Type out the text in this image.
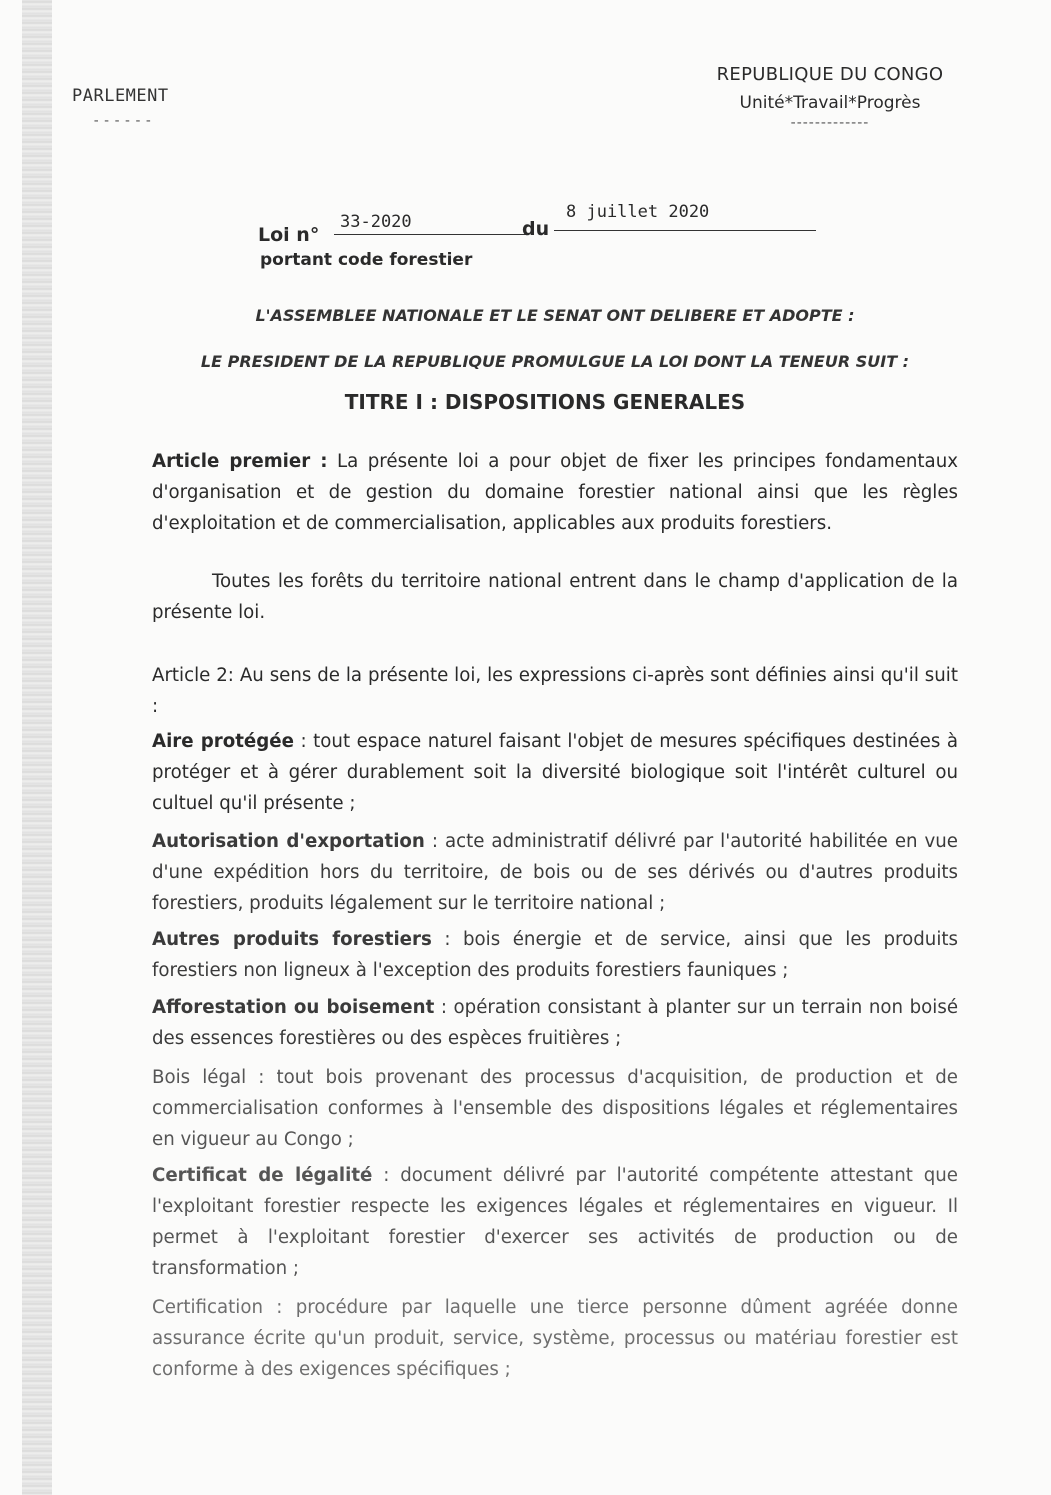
PARLEMENT
------
REPUBLIQUE DU CONGO
Unité*Travail*Progrès
-------------
Loi n°
33-2020	du
8 juillet 2020
portant code forestier
L'ASSEMBLEE NATIONALE ET LE SENAT ONT DELIBERE ET ADOPTE :
LE PRESIDENT DE LA REPUBLIQUE PROMULGUE LA LOI DONT LA TENEUR SUIT :
TITRE I : DISPOSITIONS GENERALES

Article premier : La présente loi a pour objet de fixer les principes fondamentaux d'organisation et de gestion du domaine forestier national ainsi que les règles d'exploitation et de commercialisation, applicables aux produits forestiers.

Toutes les forêts du territoire national entrent dans le champ d'application de la présente loi.

Article 2: Au sens de la présente loi, les expressions ci-après sont définies ainsi qu'il suit :

Aire protégée : tout espace naturel faisant l'objet de mesures spécifiques destinées à protéger et à gérer durablement soit la diversité biologique soit l'intérêt culturel ou cultuel qu'il présente ;

Autorisation d'exportation : acte administratif délivré par l'autorité habilitée en vue d'une expédition hors du territoire, de bois ou de ses dérivés ou d'autres produits forestiers, produits légalement sur le territoire national ;

Autres produits forestiers : bois énergie et de service, ainsi que les produits forestiers non ligneux à l'exception des produits forestiers fauniques ;

Afforestation ou boisement : opération consistant à planter sur un terrain non boisé des essences forestières ou des espèces fruitières ;

Bois légal : tout bois provenant des processus d'acquisition, de production et de commercialisation conformes à l'ensemble des dispositions légales et réglementaires en vigueur au Congo ;

Certificat de légalité : document délivré par l'autorité compétente attestant que l'exploitant forestier respecte les exigences légales et réglementaires en vigueur. Il permet à l'exploitant forestier d'exercer ses activités de production ou de transformation ;

Certification : procédure par laquelle une tierce personne dûment agréée donne assurance écrite qu'un produit, service, système, processus ou matériau forestier est conforme à des exigences spécifiques ;
